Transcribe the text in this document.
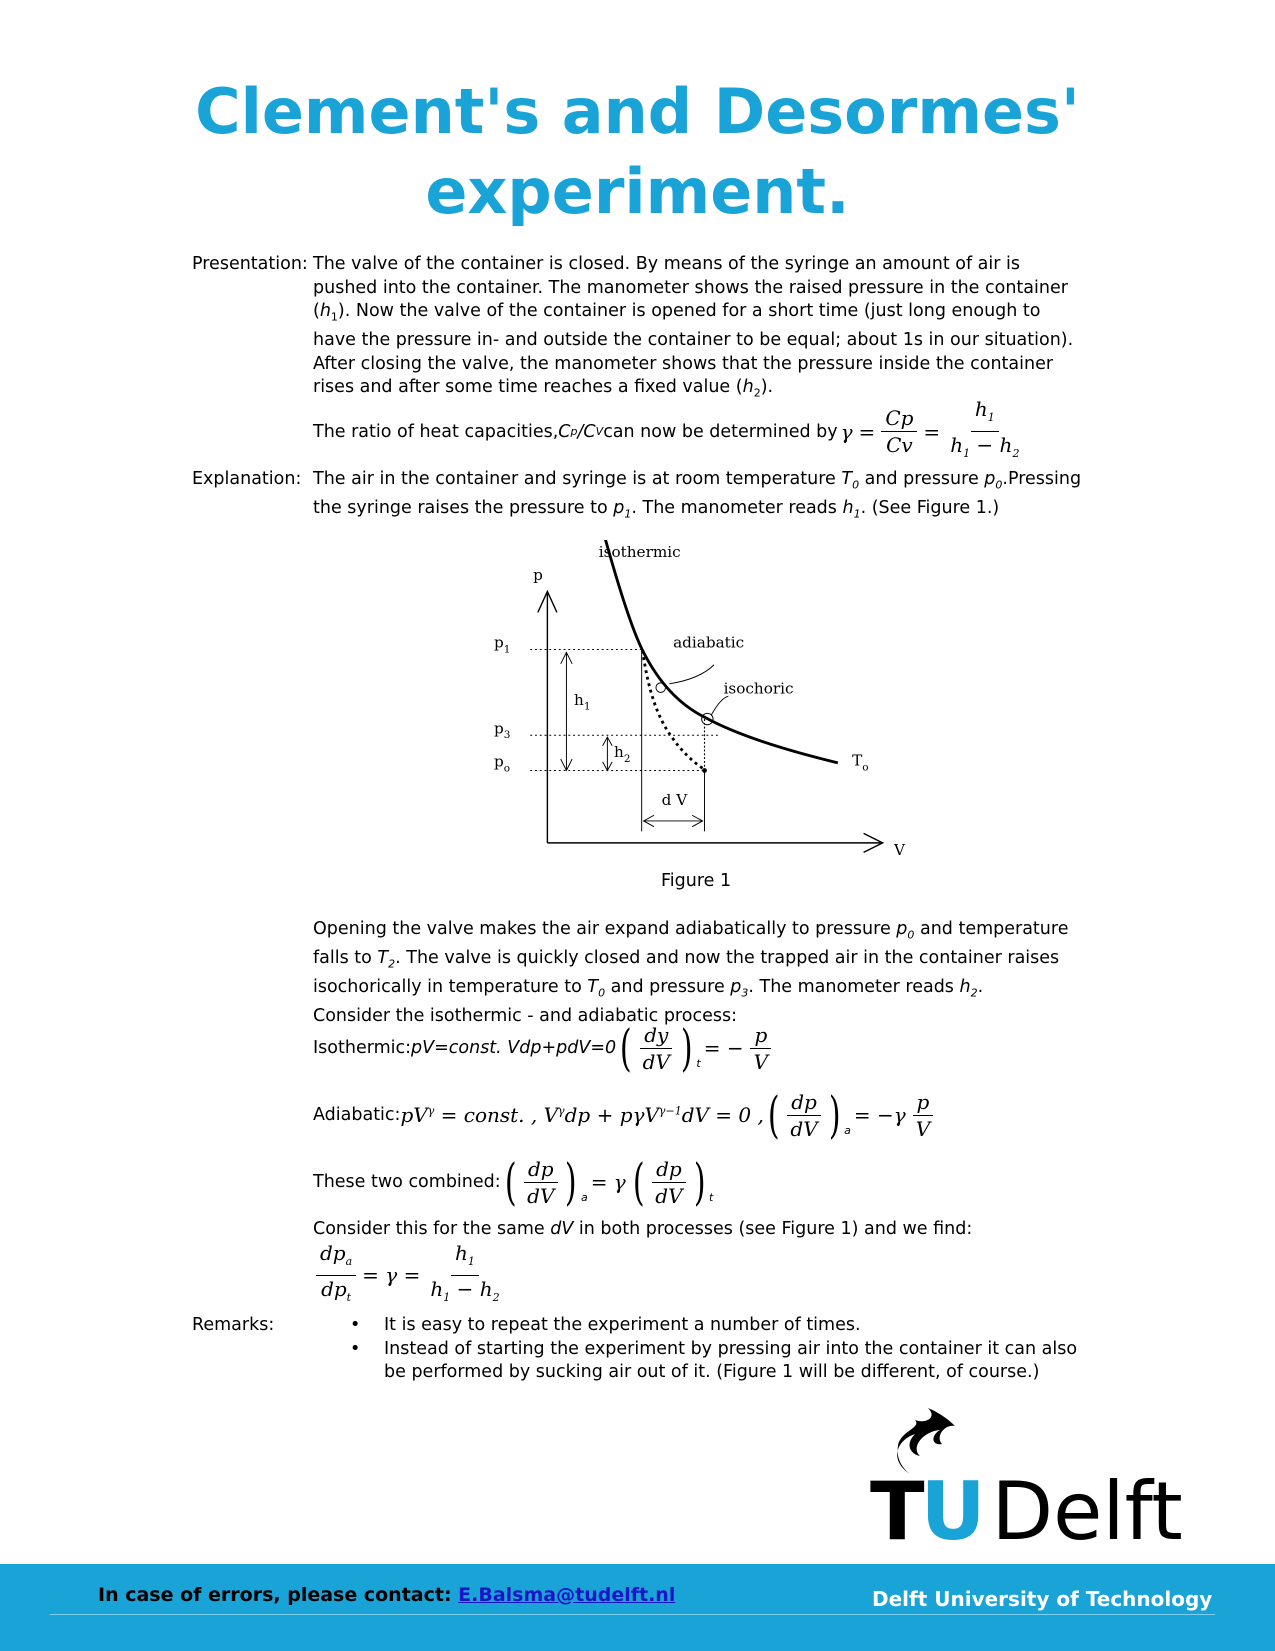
Clement's and Desormes'
experiment.
Presentation: The valve of the container is closed. By means of the syringe an amount of air is pushed into the container. The manometer shows the raised pressure in the container $(h_1)$. Now the valve of the container is opened for a short time (just long enough to have the pressure in- and outside the container to be equal; about 1s in our situation). After closing the valve, the manometer shows that the pressure inside the container rises and after some time reaches a fixed value $(h_2)$.

The ratio of heat capacities, C p / C V can now be determined by $\gamma = \frac{Cp}{Cv} = \frac{h_1}{h_1 - h_2}$
Explanation: The air in the container and syringe is at room temperature $T_0$ and pressure $p_0.Pressing$ the syringe raises the pressure to $p_1$. The manometer reads $h_1$. (See Figure 1.)

p
V
$p_1$
$p_3$
$p_o$
$h_1$
$h_2$
d V
isothermic
adiabatic
isochoric
$T_o$
Figure 1

Opening the valve makes the air expand adiabatically to pressure $p_0$ and temperature falls to $T_2$. The valve is quickly closed and now the trapped air in the container raises isochorically in temperature to $T_0$ and pressure $p_3$. The manometer reads $h_2$.

Consider the isothermic - and adiabatic process:

Isothermic: pV=const. Vdp+pdV=0 ( $\frac{dy}{dV}$ ) t
= − $\frac{p}{V}$
Adiabatic: $pV^\gamma$ = const. , $V^\gamma dp + p\gamma V^{\gamma-1}dV = 0$ , ( $\frac{dp}{dV}$ ) a
= $-\gamma \frac{p}{V}$
These two combined: ( $\frac{dp}{dV}$ ) a
= γ ( $\frac{dp}{dV}$ ) t

Consider this for the same dV in both processes (see Figure 1) and we find:

$\frac{dp_a}{dp_t} = \gamma = \frac{h_1}{h_1 - h_2}$
Remarks:	• It is easy to repeat the experiment a number of times.
• Instead of starting the experiment by pressing air into the container it can also be performed by sucking air out of it. (Figure 1 will be different, of course.)
TU Delft
In case of errors, please contact: E.Balsma@tudelft.nl	Delft University of Technology
